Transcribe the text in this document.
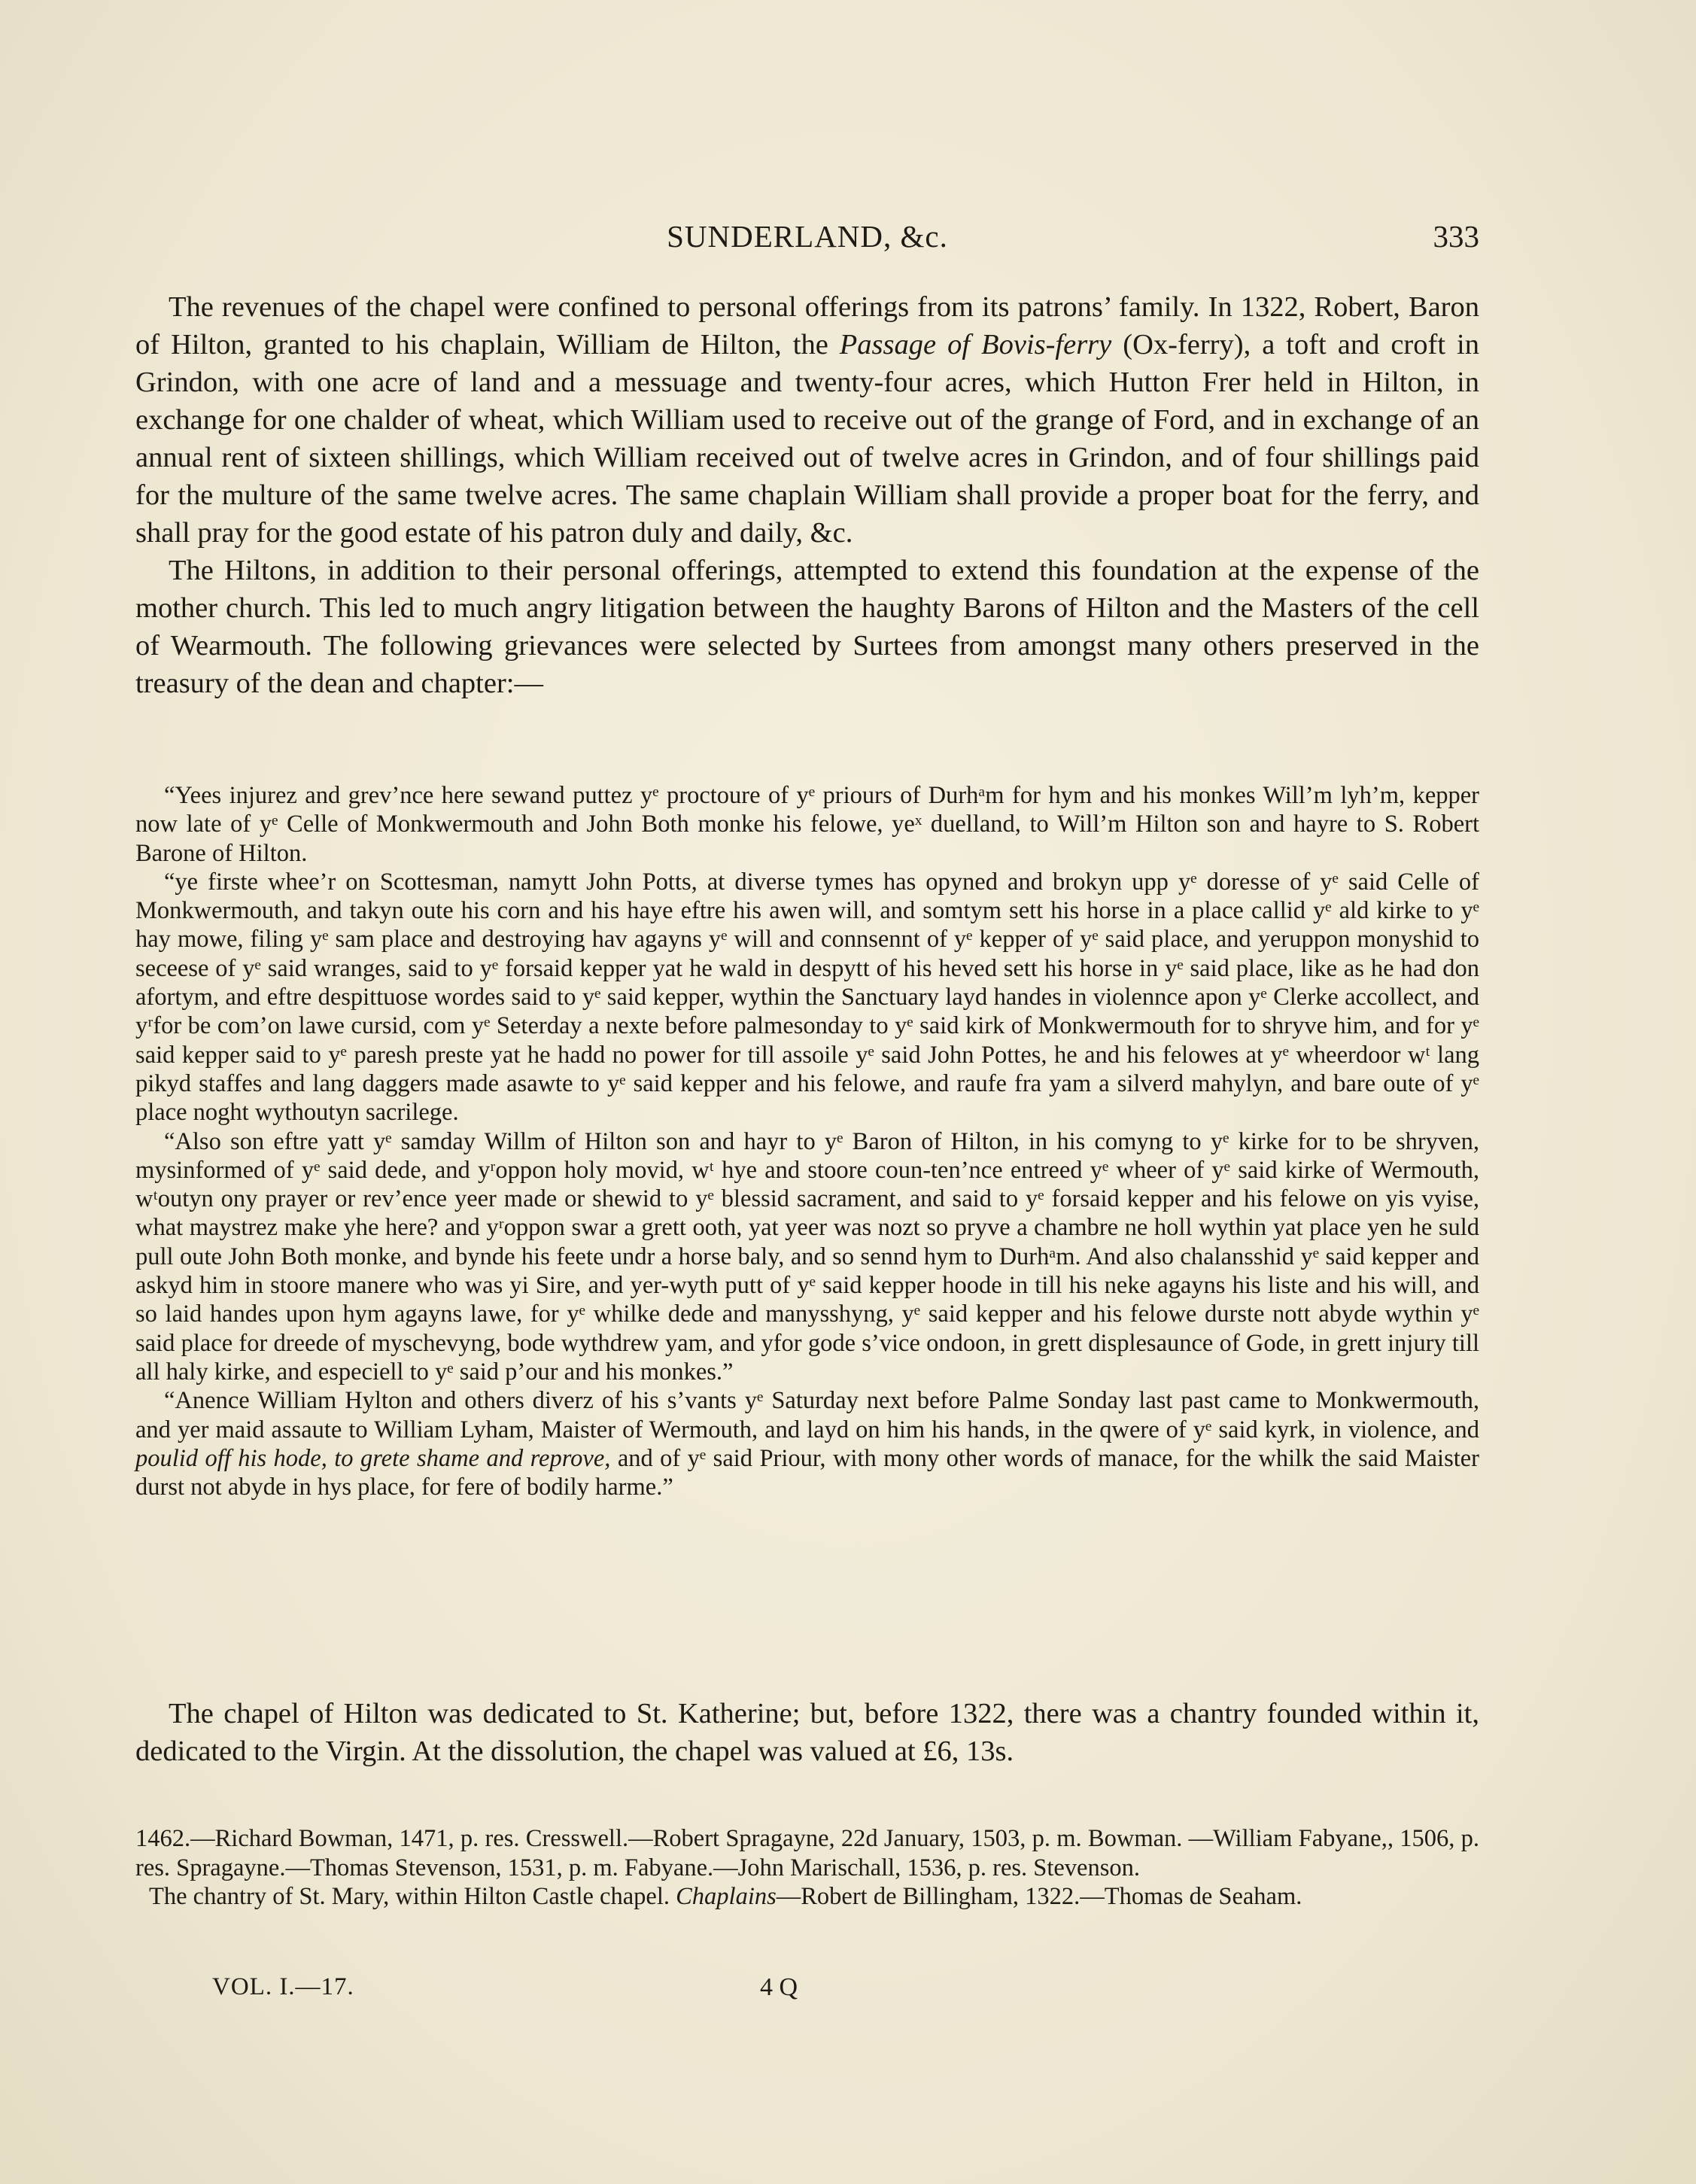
SUNDERLAND, &c.	333

The revenues of the chapel were confined to personal offerings from its patrons’ family. In 1322, Robert, Baron of Hilton, granted to his chaplain, William de Hilton, the Passage of Bovis-ferry (Ox-ferry), a toft and croft in Grindon, with one acre of land and a messuage and twenty-four acres, which Hutton Frer held in Hilton, in exchange for one chalder of wheat, which William used to receive out of the grange of Ford, and in exchange of an annual rent of sixteen shillings, which William received out of twelve acres in Grindon, and of four shillings paid for the multure of the same twelve acres. The same chaplain William shall provide a proper boat for the ferry, and shall pray for the good estate of his patron duly and daily, &c.

The Hiltons, in addition to their personal offerings, attempted to extend this foundation at the expense of the mother church. This led to much angry litigation between the haughty Barons of Hilton and the Masters of the cell of Wearmouth. The following grievances were selected by Surtees from amongst many others preserved in the treasury of the dean and chapter:—

“Yees injurez and grev’nce here sewand puttez yᵉ proctoure of yᵉ priours of Durhᵃm for hym and his monkes Will’m lyh’m, kepper now late of yᵉ Celle of Monkwermouth and John Both monke his felowe, yeˣ duelland, to Will’m Hilton son and hayre to S. Robert Barone of Hilton.

“ye firste whee’r on Scottesman, namytt John Potts, at diverse tymes has opyned and brokyn upp yᵉ doresse of yᵉ said Celle of Monkwermouth, and takyn oute his corn and his haye eftre his awen will, and somtym sett his horse in a place callid yᵉ ald kirke to yᵉ hay mowe, filing yᵉ sam place and destroying hav agayns yᵉ will and connsennt of yᵉ kepper of yᵉ said place, and yeruppon monyshid to seceese of yᵉ said wranges, said to yᵉ forsaid kepper yat he wald in despytt of his heved sett his horse in yᵉ said place, like as he had don afortym, and eftre despittuose wordes said to yᵉ said kepper, wythin the Sanctuary layd handes in violennce apon yᵉ Clerke accollect, and yʳfor be com’on lawe cursid, com yᵉ Seterday a nexte before palmesonday to yᵉ said kirk of Monkwermouth for to shryve him, and for yᵉ said kepper said to yᵉ paresh preste yat he hadd no power for till assoile yᵉ said John Pottes, he and his felowes at yᵉ wheerdoor wᵗ lang pikyd staffes and lang daggers made asawte to yᵉ said kepper and his felowe, and raufe fra yam a silverd mahylyn, and bare oute of yᵉ place noght wythoutyn sacrilege.

“Also son eftre yatt yᵉ samday Willm of Hilton son and hayr to yᵉ Baron of Hilton, in his comyng to yᵉ kirke for to be shryven, mysinformed of yᵉ said dede, and yʳoppon holy movid, wᵗ hye and stoore coun-ten’nce entreed yᵉ wheer of yᵉ said kirke of Wermouth, wᵗoutyn ony prayer or rev’ence yeer made or shewid to yᵉ blessid sacrament, and said to yᵉ forsaid kepper and his felowe on yis vyise, what maystrez make yhe here? and yʳoppon swar a grett ooth, yat yeer was nozt so pryve a chambre ne holl wythin yat place yen he suld pull oute John Both monke, and bynde his feete undr a horse baly, and so sennd hym to Durhᵃm. And also chalansshid yᵉ said kepper and askyd him in stoore manere who was yi Sire, and yer-wyth putt of yᵉ said kepper hoode in till his neke agayns his liste and his will, and so laid handes upon hym agayns lawe, for yᵉ whilke dede and manysshyng, yᵉ said kepper and his felowe durste nott abyde wythin yᵉ said place for dreede of myschevyng, bode wythdrew yam, and yfor gode s’vice ondoon, in grett displesaunce of Gode, in grett injury till all haly kirke, and especiell to yᵉ said p’our and his monkes.”

“Anence William Hylton and others diverz of his s’vants yᵉ Saturday next before Palme Sonday last past came to Monkwermouth, and yer maid assaute to William Lyham, Maister of Wermouth, and layd on him his hands, in the qwere of yᵉ said kyrk, in violence, and poulid off his hode, to grete shame and reprove, and of yᵉ said Priour, with mony other words of manace, for the whilk the said Maister durst not abyde in hys place, for fere of bodily harme.”

The chapel of Hilton was dedicated to St. Katherine; but, before 1322, there was a chantry founded within it, dedicated to the Virgin. At the dissolution, the chapel was valued at £6, 13s.

1462.—Richard Bowman, 1471, p. res. Cresswell.—Robert Spragayne, 22d January, 1503, p. m. Bowman. —William Fabyane,, 1506, p. res. Spragayne.—Thomas Stevenson, 1531, p. m. Fabyane.—John Marischall, 1536, p. res. Stevenson.

The chantry of St. Mary, within Hilton Castle chapel. Chaplains—Robert de Billingham, 1322.—Thomas de Seaham.

VOL. I.—17.	4 Q
